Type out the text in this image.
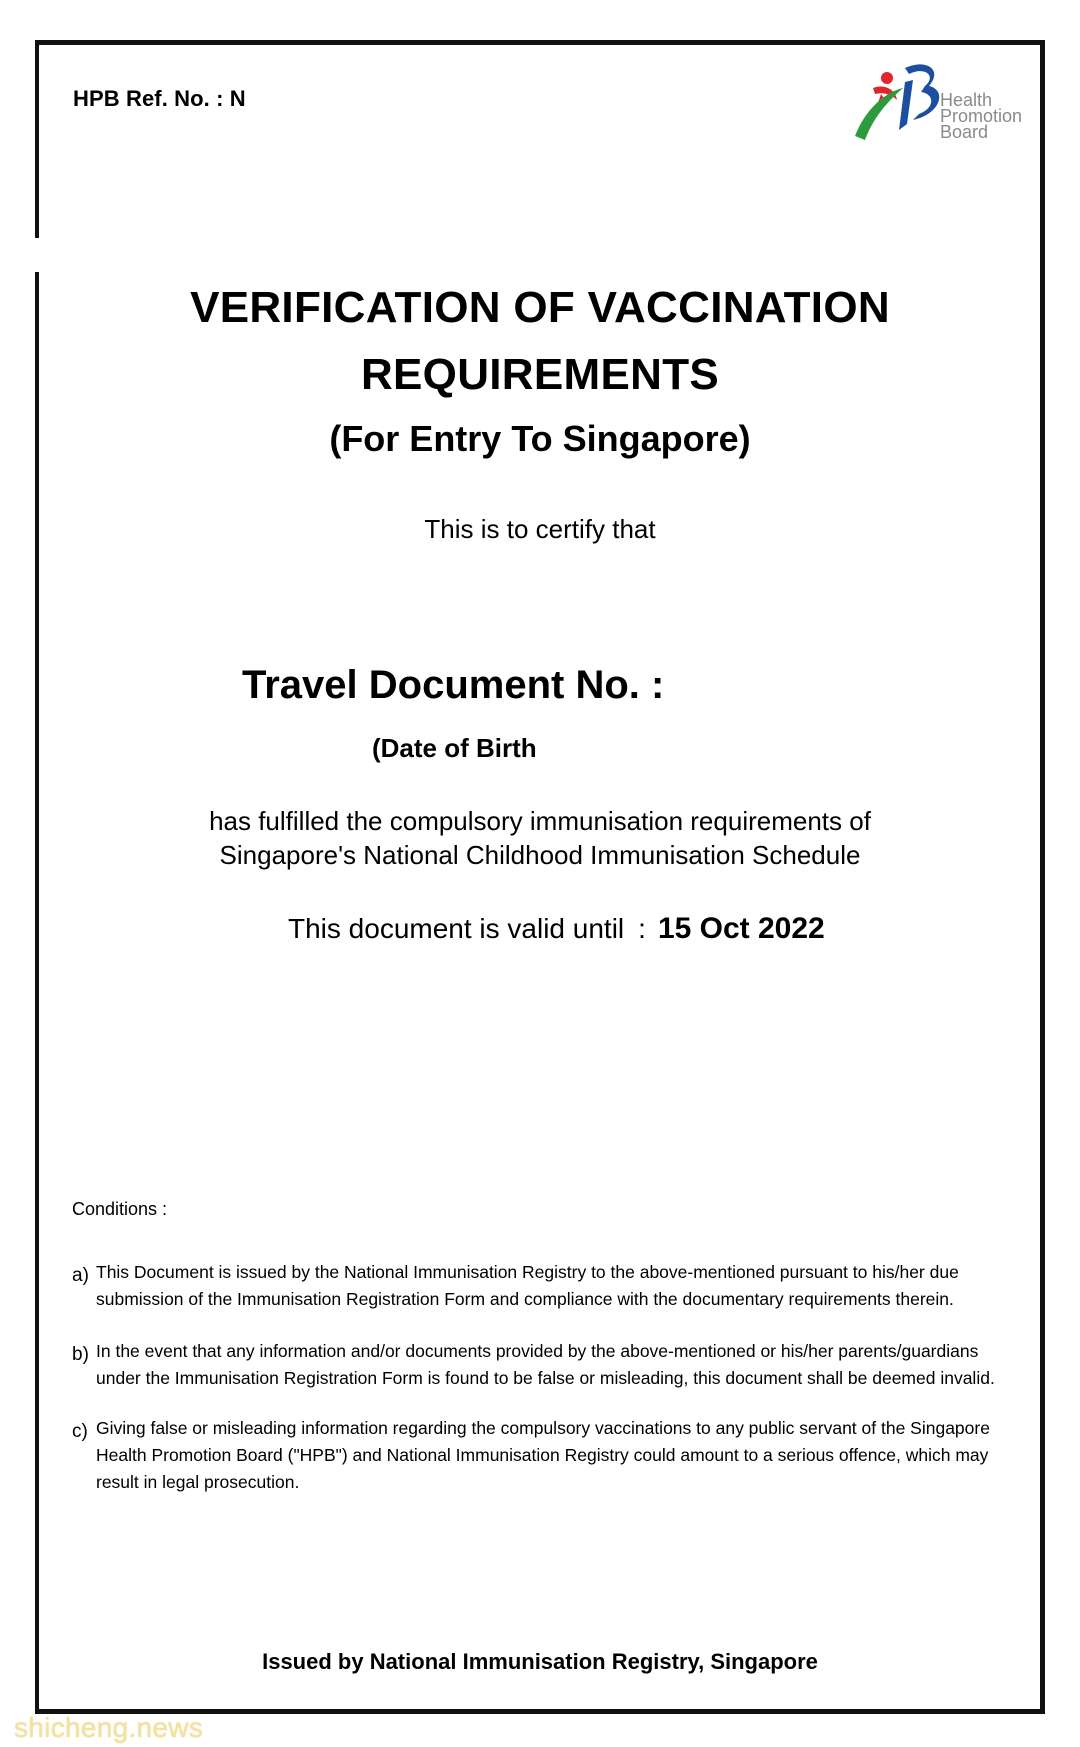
HPB Ref. No. : N	Health
Promotion
Board
VERIFICATION OF VACCINATION
REQUIREMENTS
(For Entry To Singapore)
This is to certify that
Travel Document No. :
(Date of Birth
has fulfilled the compulsory immunisation requirements of
Singapore's National Childhood Immunisation Schedule
This document is valid until : 15 Oct 2022
Conditions :
a) This Document is issued by the National Immunisation Registry to the above-mentioned pursuant to his/her due submission of the Immunisation Registration Form and compliance with the documentary requirements therein.
b) In the event that any information and/or documents provided by the above-mentioned or his/her parents/guardians under the Immunisation Registration Form is found to be false or misleading, this document shall be deemed invalid.
c) Giving false or misleading information regarding the compulsory vaccinations to any public servant of the Singapore Health Promotion Board ("HPB") and National Immunisation Registry could amount to a serious offence, which may result in legal prosecution.
Issued by National Immunisation Registry, Singapore
shicheng.news
